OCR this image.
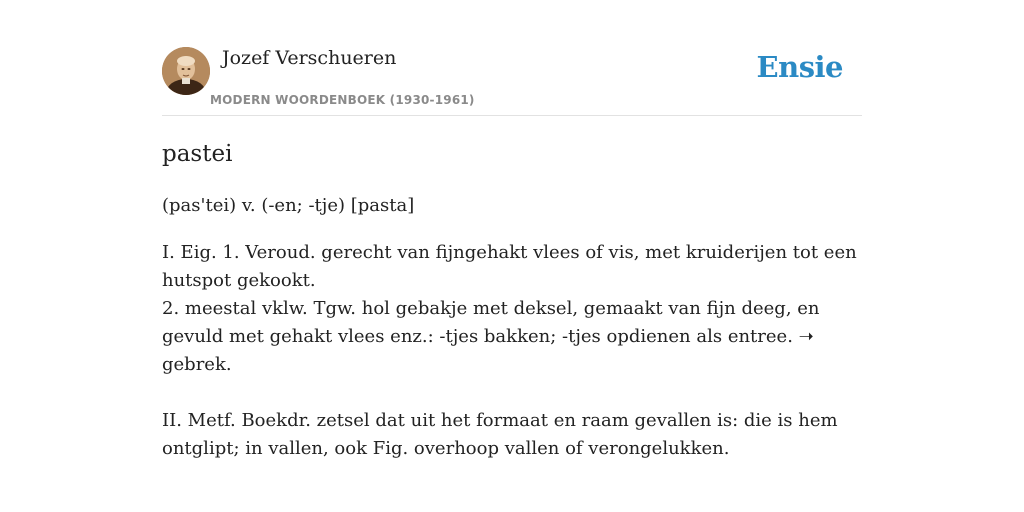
Jozef Verschueren
MODERN WOORDENBOEK (1930-1961)
Ensie
pastei
(pas'tei) v. (-en; -tje) [pasta]

I. Eig. 1. Veroud. gerecht van fijngehakt vlees of vis, met kruiderijen tot een hutspot gekookt.

2. meestal vklw. Tgw. hol gebakje met deksel, gemaakt van fijn deeg, en gevuld met gehakt vlees enz.: -tjes bakken; -tjes opdienen als entree. ➝ gebrek.

II. Metf. Boekdr. zetsel dat uit het formaat en raam gevallen is: die is hem ontglipt; in vallen, ook Fig. overhoop vallen of verongelukken.
